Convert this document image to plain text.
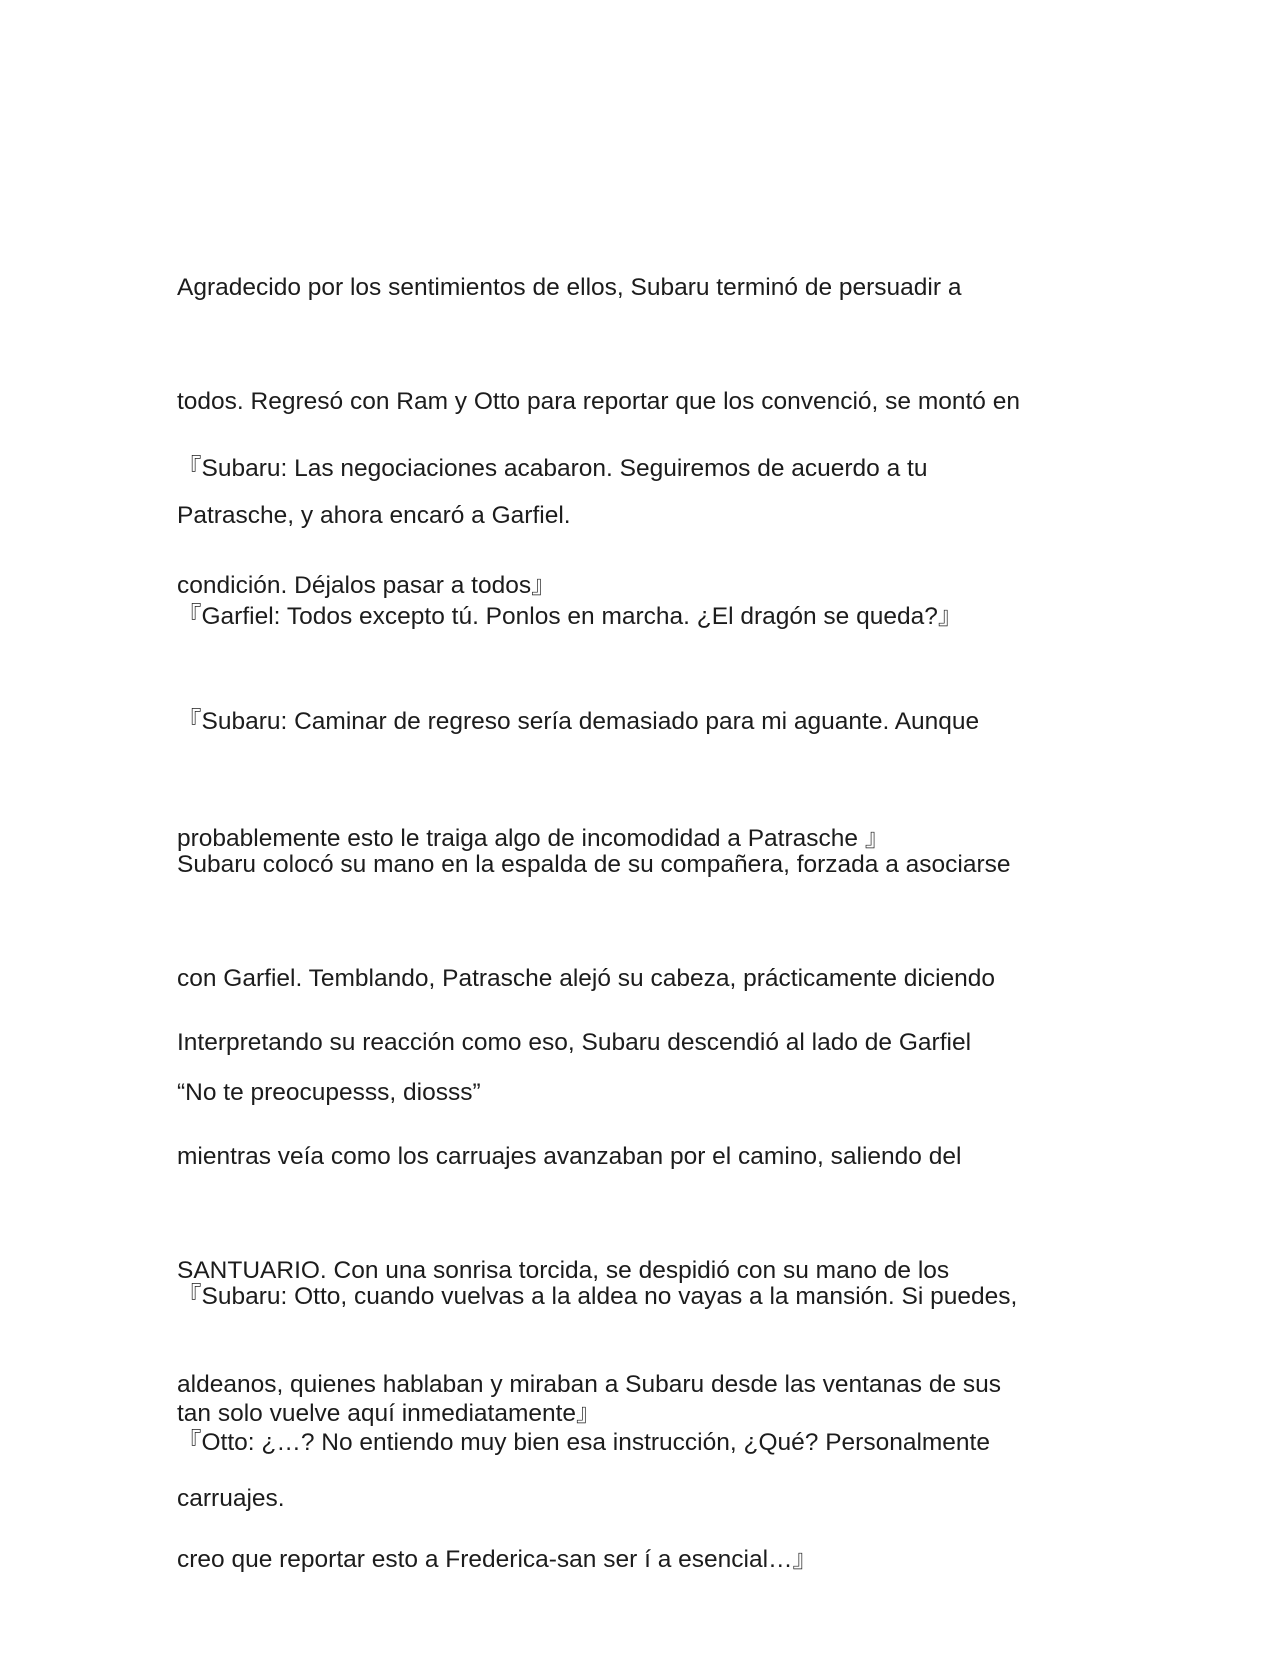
Agradecido por los sentimientos de ellos, Subaru terminó de persuadir a

todos. Regresó con Ram y Otto para reportar que los convenció, se montó en

Patrasche, y ahora encaró a Garfiel.

『Subaru: Las negociaciones acabaron. Seguiremos de acuerdo a tu

condición. Déjalos pasar a todos』

『Garfiel: Todos excepto tú. Ponlos en marcha. ¿El dragón se queda?』

『Subaru: Caminar de regreso sería demasiado para mi aguante. Aunque

probablemente esto le traiga algo de incomodidad a Patrasche 』

Subaru colocó su mano en la espalda de su compañera, forzada a asociarse

con Garfiel. Temblando, Patrasche alejó su cabeza, prácticamente diciendo

“No te preocupesss, diosss”

Interpretando su reacción como eso, Subaru descendió al lado de Garfiel

mientras veía como los carruajes avanzaban por el camino, saliendo del

SANTUARIO. Con una sonrisa torcida, se despidió con su mano de los

aldeanos, quienes hablaban y miraban a Subaru desde las ventanas de sus

carruajes.

『Subaru: Otto, cuando vuelvas a la aldea no vayas a la mansión. Si puedes,

tan solo vuelve aquí inmediatamente』

『Otto: ¿…? No entiendo muy bien esa instrucción, ¿Qué? Personalmente

creo que reportar esto a Frederica-san ser í a esencial…』
